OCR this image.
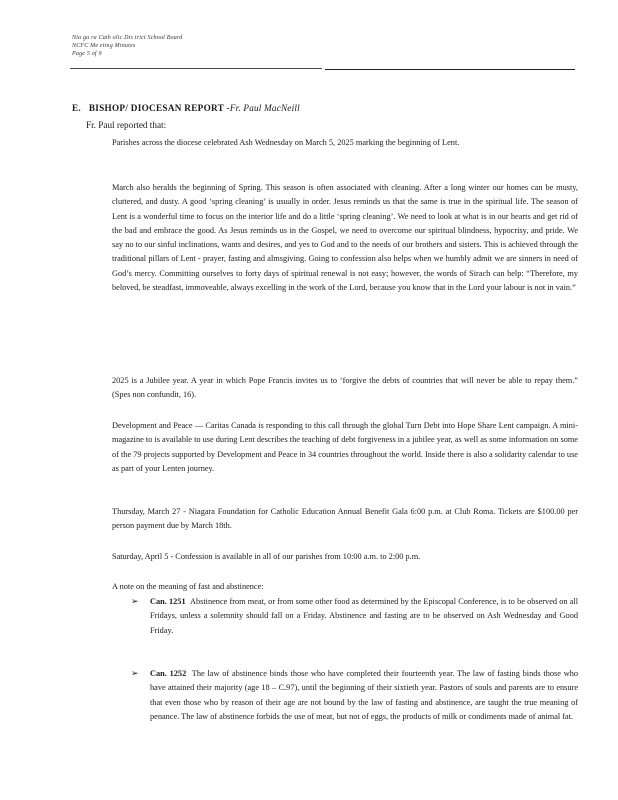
Nia ga ra Cath olic Dis trict School Board
NCFC Me eting Minutes
Page 5 of 9
E. BISHOP/ DIOCESAN REPORT -Fr. Paul MacNeill
Fr. Paul reported that:
Parishes across the diocese celebrated Ash Wednesday on March 5, 2025 marking the beginning of Lent.
March also heralds the beginning of Spring. This season is often associated with cleaning. After a long winter our homes can be musty, cluttered, and dusty. A good ‘spring cleaning’ is usually in order. Jesus reminds us that the same is true in the spiritual life. The season of Lent is a wonderful time to focus on the interior life and do a little ‘spring cleaning’. We need to look at what is in our hearts and get rid of the bad and embrace the good. As Jesus reminds us in the Gospel, we need to overcome our spiritual blindness, hypocrisy, and pride. We say no to our sinful inclinations, wants and desires, and yes to God and to the needs of our brothers and sisters. This is achieved through the traditional pillars of Lent - prayer, fasting and almsgiving. Going to confession also helps when we humbly admit we are sinners in need of God’s mercy. Committing ourselves to forty days of spiritual renewal is not easy; however, the words of Sirach can help: “Therefore, my beloved, be steadfast, immoveable, always excelling in the work of the Lord, because you know that in the Lord your labour is not in vain.”
2025 is a Jubilee year. A year in which Pope Francis invites us to ‘forgive the debts of countries that will never be able to repay them.” (Spes non confundit, 16).
Development and Peace — Caritas Canada is responding to this call through the global Turn Debt into Hope Share Lent campaign. A mini-magazine to is available to use during Lent describes the teaching of debt forgiveness in a jubilee year, as well as some information on some of the 79 projects supported by Development and Peace in 34 countries throughout the world. Inside there is also a solidarity calendar to use as part of your Lenten journey.
Thursday, March 27 - Niagara Foundation for Catholic Education Annual Benefit Gala 6:00 p.m. at Club Roma. Tickets are $100.00 per person payment due by March 18th.
Saturday, April 5 - Confession is available in all of our parishes from 10:00 a.m. to 2:00 p.m.
A note on the meaning of fast and abstinence:
➢ Can. 1251 Abstinence from meat, or from some other food as determined by the Episcopal Conference, is to be observed on all Fridays, unless a solemnity should fall on a Friday. Abstinence and fasting are to be observed on Ash Wednesday and Good Friday.
➢ Can. 1252 The law of abstinence binds those who have completed their fourteenth year. The law of fasting binds those who have attained their majority (age 18 – C.97), until the beginning of their sixtieth year. Pastors of souls and parents are to ensure that even those who by reason of their age are not bound by the law of fasting and abstinence, are taught the true meaning of penance. The law of abstinence forbids the use of meat, but not of eggs, the products of milk or condiments made of animal fat.
